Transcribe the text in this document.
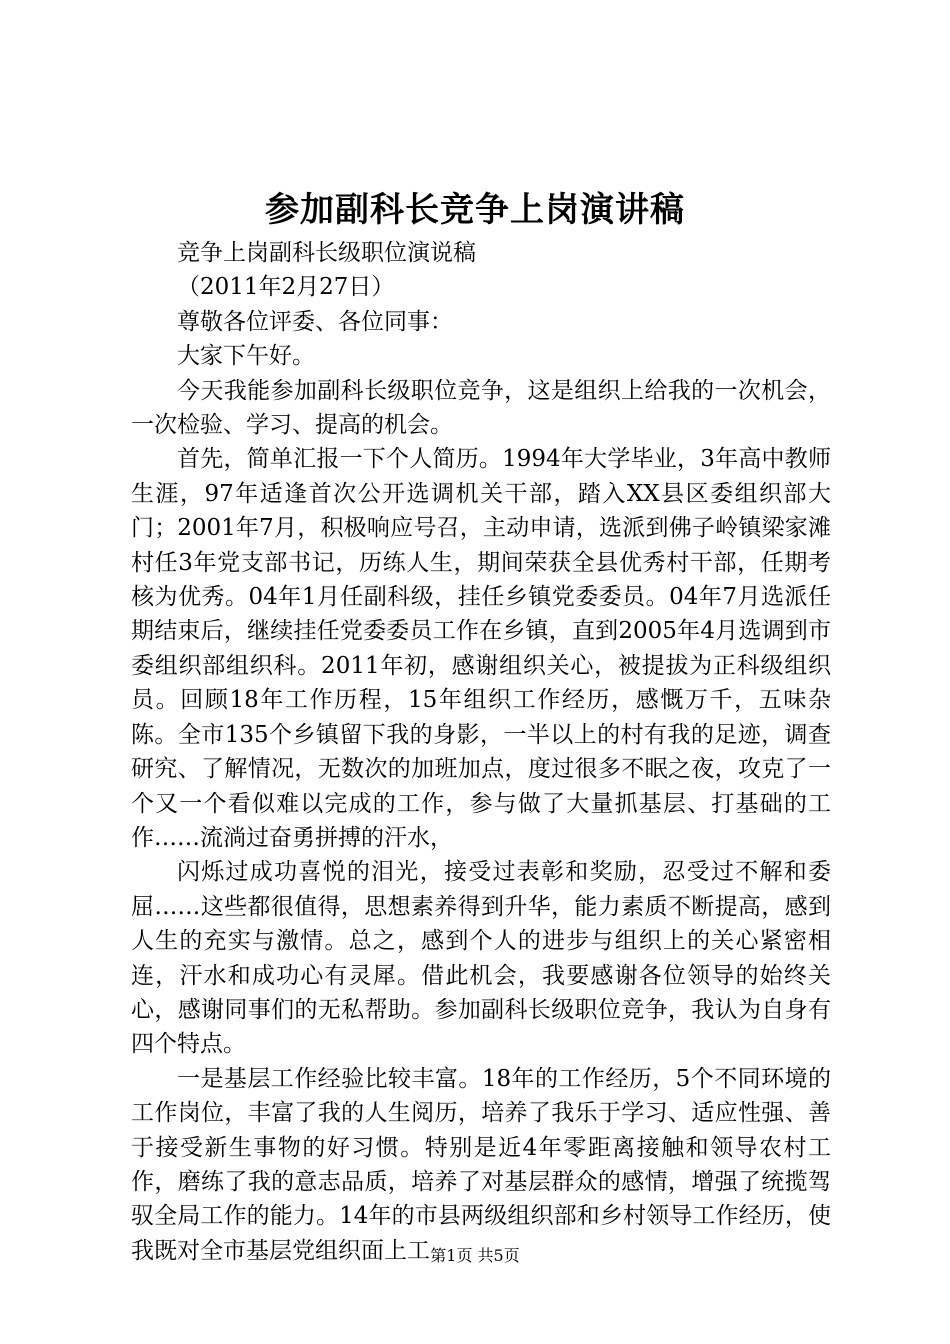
参加副科长竞争上岗演讲稿

竞争上岗副科长级职位演说稿

（2011年2月27日）

尊敬各位评委、各位同事：

大家下午好。

今天我能参加副科长级职位竞争，这是组织上给我的一次机会，一次检验、学习、提高的机会。

首先，简单汇报一下个人简历。1994年大学毕业，3年高中教师生涯，97年适逢首次公开选调机关干部，踏入XX县区委组织部大门；2001年7月，积极响应号召，主动申请，选派到佛子岭镇梁家滩村任3年党支部书记，历练人生，期间荣获全县优秀村干部，任期考核为优秀。04年1月任副科级，挂任乡镇党委委员。04年7月选派任期结束后，继续挂任党委委员工作在乡镇，直到2005年4月选调到市委组织部组织科。2011年初，感谢组织关心，被提拔为正科级组织员。回顾18年工作历程，15年组织工作经历，感慨万千，五味杂陈。全市135个乡镇留下我的身影，一半以上的村有我的足迹，调查研究、了解情况，无数次的加班加点，度过很多不眠之夜，攻克了一个又一个看似难以完成的工作，参与做了大量抓基层、打基础的工作……流淌过奋勇拼搏的汗水，

闪烁过成功喜悦的泪光，接受过表彰和奖励，忍受过不解和委屈……这些都很值得，思想素养得到升华，能力素质不断提高，感到人生的充实与激情。总之，感到个人的进步与组织上的关心紧密相连，汗水和成功心有灵犀。借此机会，我要感谢各位领导的始终关心，感谢同事们的无私帮助。参加副科长级职位竞争，我认为自身有四个特点。

一是基层工作经验比较丰富。18年的工作经历，5个不同环境的工作岗位，丰富了我的人生阅历，培养了我乐于学习、适应性强、善于接受新生事物的好习惯。特别是近4年零距离接触和领导农村工作，磨练了我的意志品质，培养了对基层群众的感情，增强了统揽驾驭全局工作的能力。14年的市县两级组织部和乡村领导工作经历，使我既对全市基层党组织面上工 第1页 共5页
